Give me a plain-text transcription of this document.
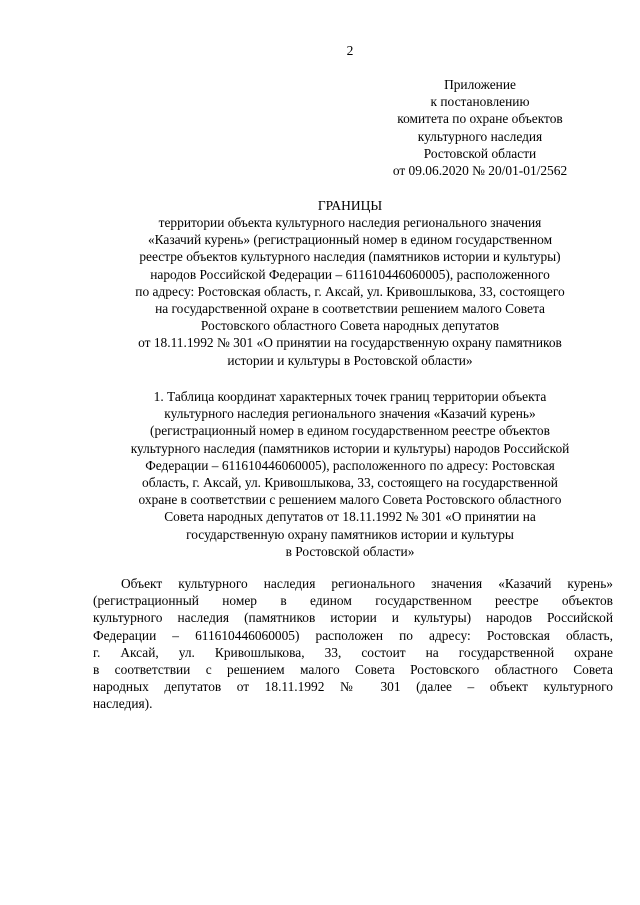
2
Приложение
к постановлению
комитета по охране объектов
культурного наследия
Ростовской области
от 09.06.2020 № 20/01-01/2562
ГРАНИЦЫ
территории объекта культурного наследия регионального значения
«Казачий курень» (регистрационный номер в едином государственном
реестре объектов культурного наследия (памятников истории и культуры)
народов Российской Федерации – 611610446060005), расположенного
по адресу: Ростовская область, г. Аксай, ул. Кривошлыкова, 33, состоящего
на государственной охране в соответствии решением малого Совета
Ростовского областного Совета народных депутатов
от 18.11.1992 № 301 «О принятии на государственную охрану памятников
истории и культуры в Ростовской области»
1. Таблица координат характерных точек границ территории объекта
культурного наследия регионального значения «Казачий курень»
(регистрационный номер в едином государственном реестре объектов
культурного наследия (памятников истории и культуры) народов Российской
Федерации – 611610446060005), расположенного по адресу: Ростовская
область, г. Аксай, ул. Кривошлыкова, 33, состоящего на государственной
охране в соответствии с решением малого Совета Ростовского областного
Совета народных депутатов от 18.11.1992 № 301 «О принятии на
государственную охрану памятников истории и культуры
в Ростовской области»
Объект культурного наследия регионального значения «Казачий курень»
(регистрационный номер в едином государственном реестре объектов
культурного наследия (памятников истории и культуры) народов Российской
Федерации – 611610446060005) расположен по адресу: Ростовская область,
г. Аксай, ул. Кривошлыкова, 33, состоит на государственной охране
в соответствии с решением малого Совета Ростовского областного Совета
народных депутатов от 18.11.1992 № 301 (далее – объект культурного
наследия).
